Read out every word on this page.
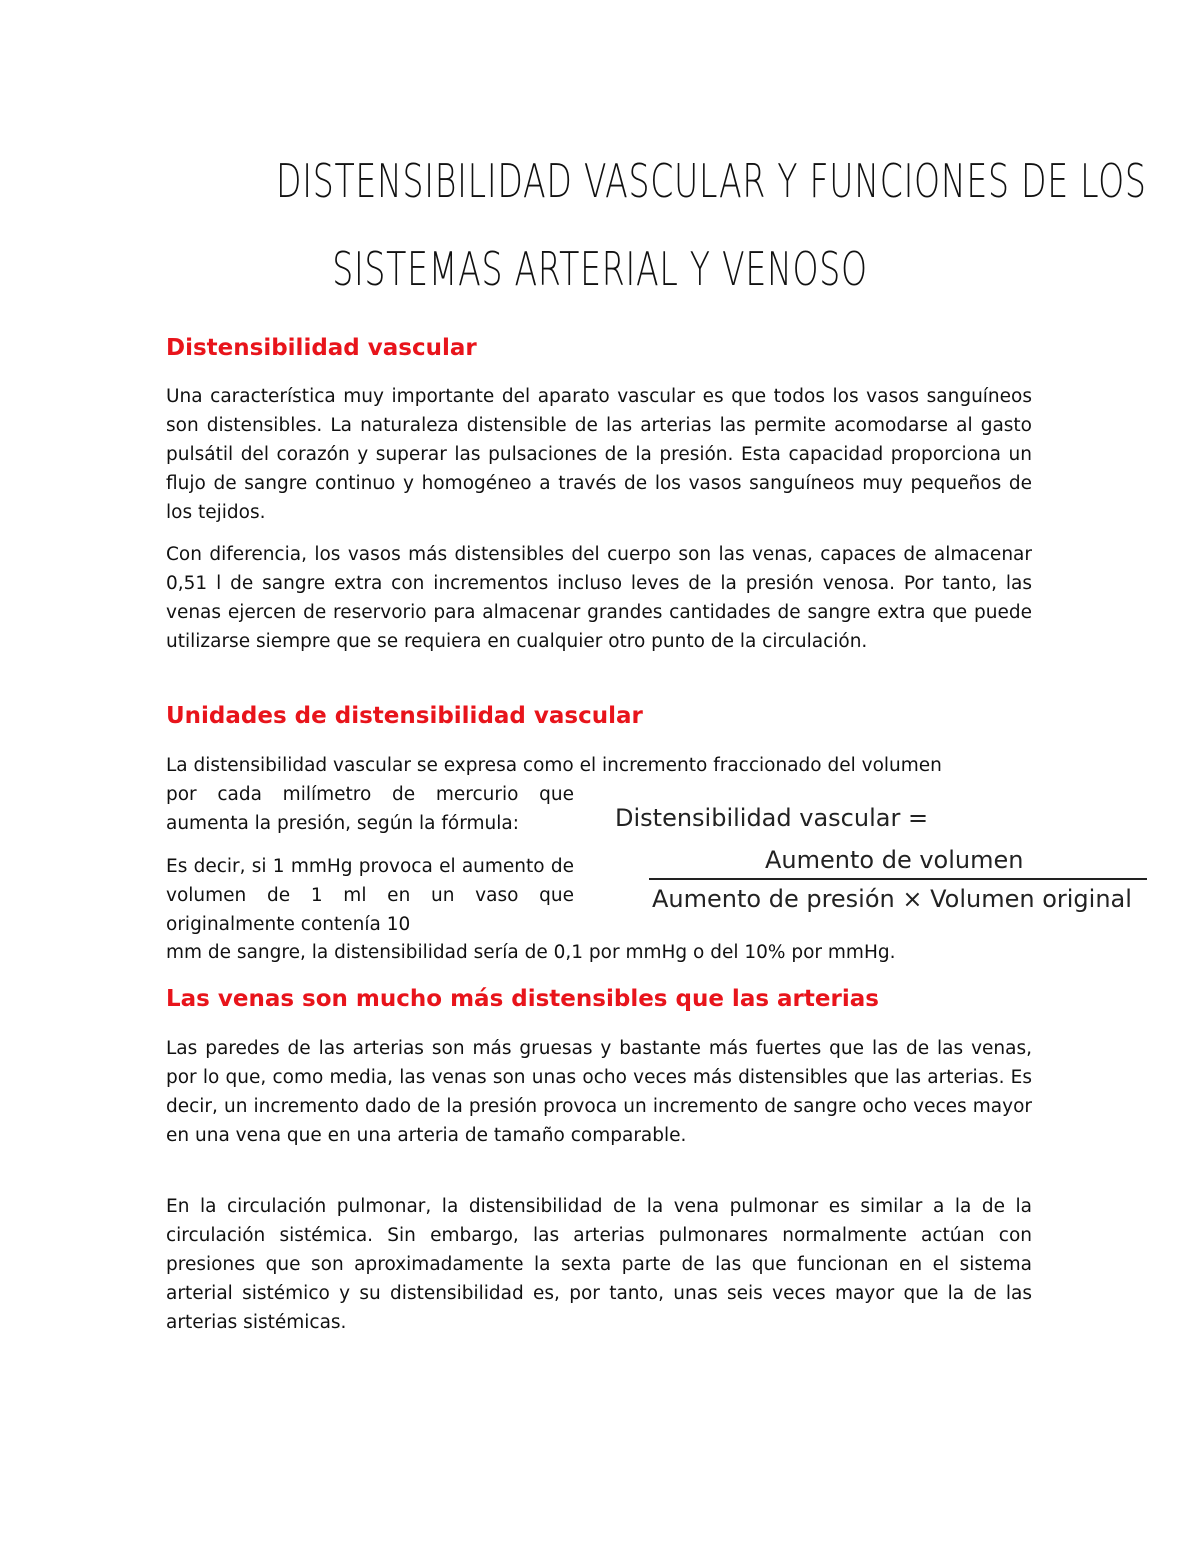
DISTENSIBILIDAD VASCULAR Y FUNCIONES DE LOS
SISTEMAS ARTERIAL Y VENOSO
Distensibilidad vascular
Una característica muy importante del aparato vascular es que todos los vasos sanguíneos son distensibles. La naturaleza distensible de las arterias las permite acomodarse al gasto pulsátil del corazón y superar las pulsaciones de la presión. Esta capacidad proporciona un flujo de sangre continuo y homogéneo a través de los vasos sanguíneos muy pequeños de los tejidos.
Con diferencia, los vasos más distensibles del cuerpo son las venas, capaces de almacenar 0,51 l de sangre extra con incrementos incluso leves de la presión venosa. Por tanto, las venas ejercen de reservorio para almacenar grandes cantidades de sangre extra que puede utilizarse siempre que se requiera en cualquier otro punto de la circulación.
Unidades de distensibilidad vascular
La distensibilidad vascular se expresa como el incremento fraccionado del volumen
por cada milímetro de mercurio que aumenta la presión, según la fórmula:
Es decir, si 1 mmHg provoca el aumento de volumen de 1 ml en un vaso que originalmente contenía 10
mm de sangre, la distensibilidad sería de 0,1 por mmHg o del 10% por mmHg.
Distensibilidad vascular =
Aumento de volumen
Aumento de presión × Volumen original
Las venas son mucho más distensibles que las arterias
Las paredes de las arterias son más gruesas y bastante más fuertes que las de las venas, por lo que, como media, las venas son unas ocho veces más distensibles que las arterias. Es decir, un incremento dado de la presión provoca un incremento de sangre ocho veces mayor en una vena que en una arteria de tamaño comparable.
En la circulación pulmonar, la distensibilidad de la vena pulmonar es similar a la de la circulación sistémica. Sin embargo, las arterias pulmonares normalmente actúan con presiones que son aproximadamente la sexta parte de las que funcionan en el sistema arterial sistémico y su distensibilidad es, por tanto, unas seis veces mayor que la de las arterias sistémicas.
